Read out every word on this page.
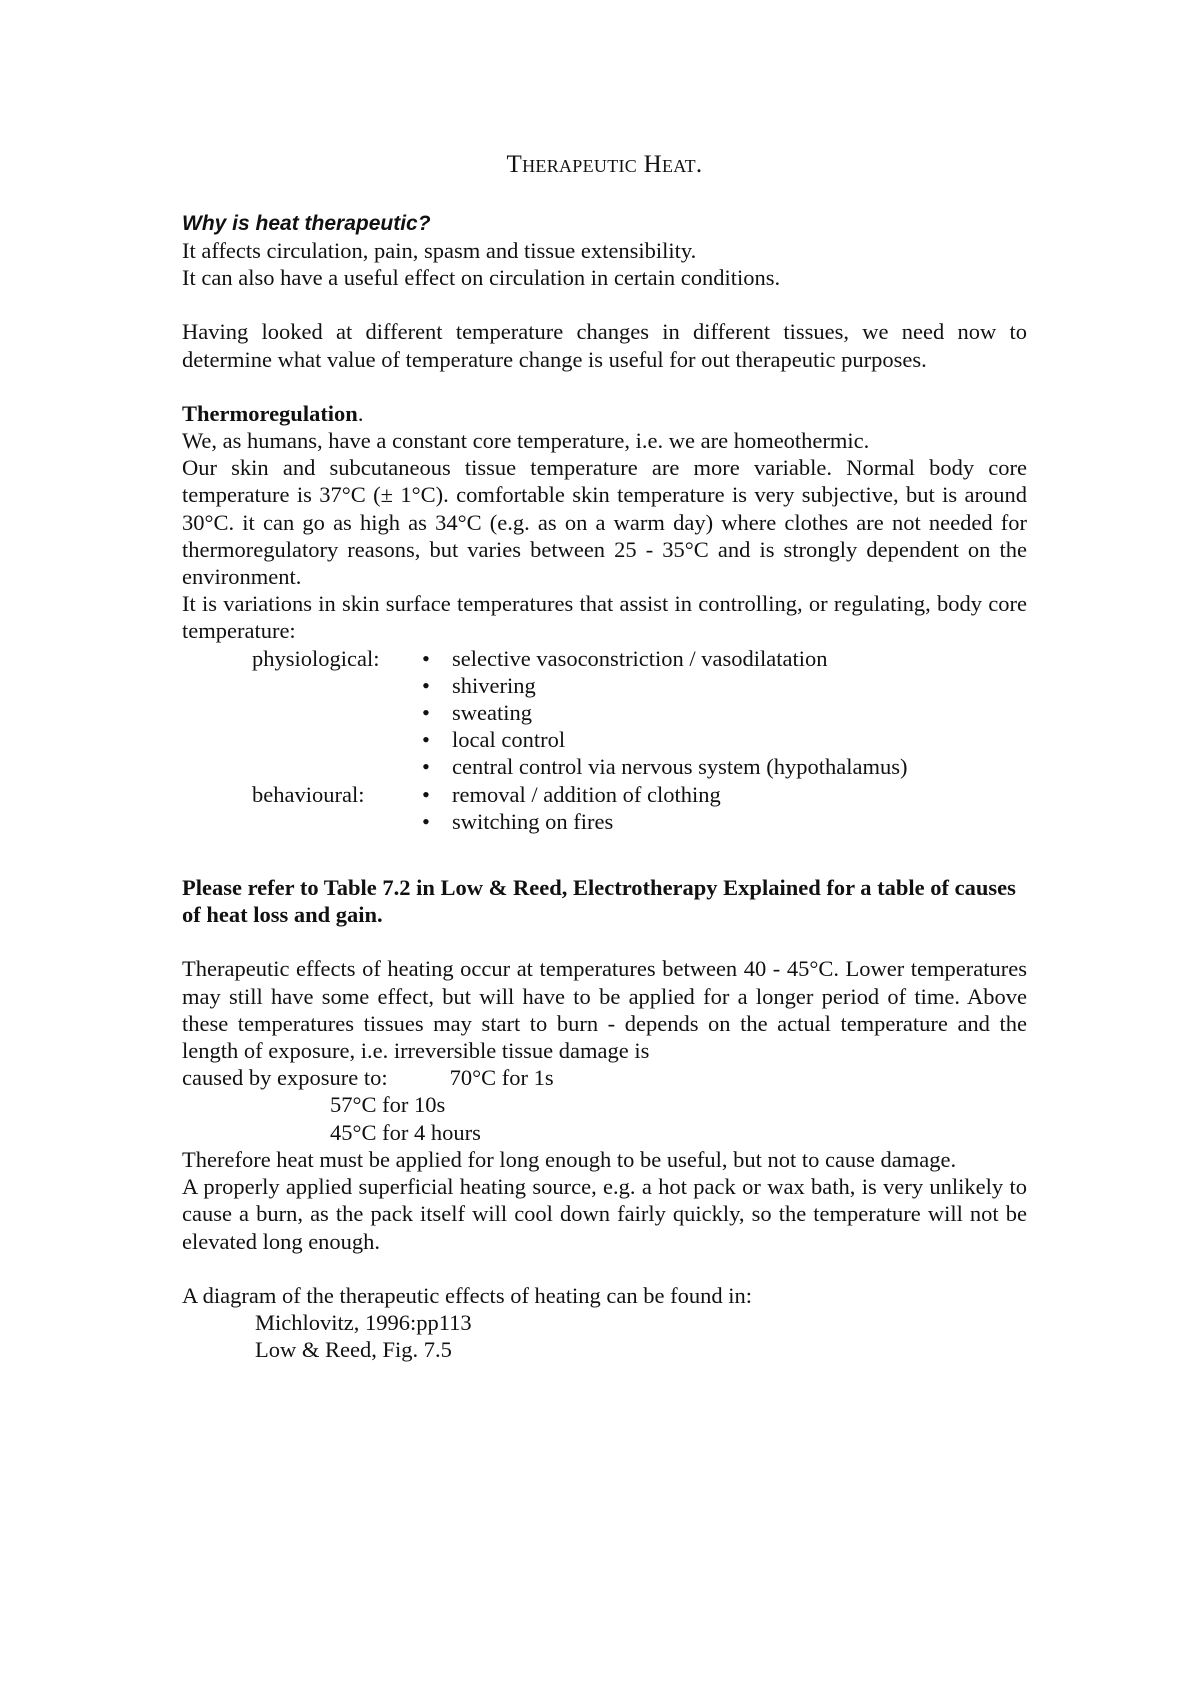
Therapeutic Heat.

Why is heat therapeutic?

It affects circulation, pain, spasm and tissue extensibility.

It can also have a useful effect on circulation in certain conditions.

Having looked at different temperature changes in different tissues, we need now to determine what value of temperature change is useful for out therapeutic purposes.

Thermoregulation.

We, as humans, have a constant core temperature, i.e. we are homeothermic.

Our skin and subcutaneous tissue temperature are more variable. Normal body core temperature is 37°C (± 1°C). comfortable skin temperature is very subjective, but is around 30°C. it can go as high as 34°C (e.g. as on a warm day) where clothes are not needed for thermoregulatory reasons, but varies between 25 - 35°C and is strongly dependent on the environment.

It is variations in skin surface temperatures that assist in controlling, or regulating, body core temperature:

physiological:	• selective vasoconstriction / vasodilatation
• shivering
• sweating
• local control
• central control via nervous system (hypothalamus)
behavioural:	• removal / addition of clothing
• switching on fires

Please refer to Table 7.2 in Low & Reed, Electrotherapy Explained for a table of causes of heat loss and gain.

Therapeutic effects of heating occur at temperatures between 40 - 45°C. Lower temperatures may still have some effect, but will have to be applied for a longer period of time. Above these temperatures tissues may start to burn - depends on the actual temperature and the length of exposure, i.e. irreversible tissue damage is

caused by exposure to:	70°C for 1s

57°C for 10s

45°C for 4 hours

Therefore heat must be applied for long enough to be useful, but not to cause damage.

A properly applied superficial heating source, e.g. a hot pack or wax bath, is very unlikely to cause a burn, as the pack itself will cool down fairly quickly, so the temperature will not be elevated long enough.

A diagram of the therapeutic effects of heating can be found in:

Michlovitz, 1996:pp113

Low & Reed, Fig. 7.5
